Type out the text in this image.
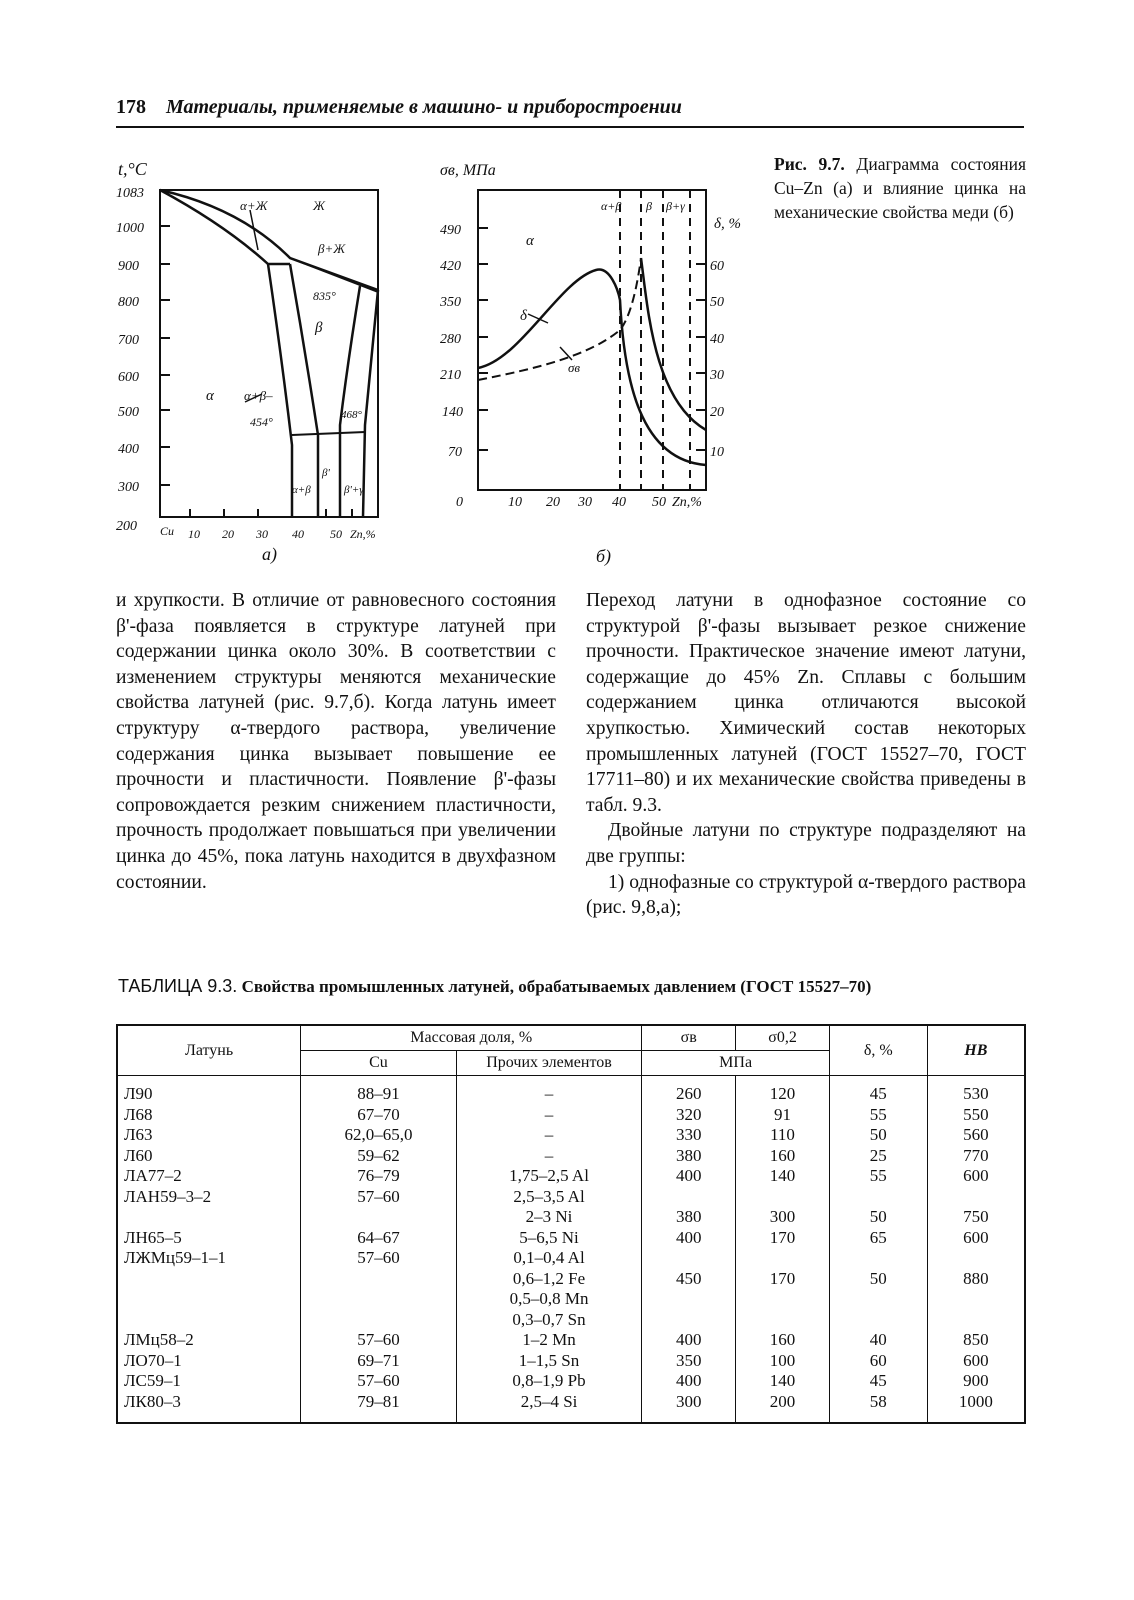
178 Материалы, применяемые в машино- и приборостроении
t,°C
1083
1000
900
800
700
600
500
400
300
200 Cu 10 20 30 40 50 Zn,%
α+Ж	Ж
β+Ж
835°
β
α α+β–
454°	468°
α+β
β'
β'+γ
а)
σв, МПа
490
420
350
280
210
140
70
0
δ, %
60
50
40
30
20
10
10 20 30 40 50 Zn,%
α
α+β β β+γ
δ
σв
б)
Рис. 9.7. Диаграмма состояния Cu–Zn (а) и влияние цинка на механические свойства меди (б)

и хрупкости. В отличие от равновесного состояния β'-фаза появляется в структуре латуней при содержании цинка около 30%. В соответствии с изменением структуры меняются механические свойства латуней (рис. 9.7,б). Когда латунь имеет структуру α-твердого раствора, увеличение содержания цинка вызывает повышение ее прочности и пластичности. Появление β'-фазы сопровождается резким снижением пластичности, прочность продолжает повышаться при увеличении цинка до 45%, пока латунь находится в двухфазном состоянии.

Переход латуни в однофазное состояние со структурой β'-фазы вызывает резкое снижение прочности. Практическое значение имеют латуни, содержащие до 45% Zn. Сплавы с большим содержанием цинка отличаются высокой хрупкостью. Химический состав некоторых промышленных латуней (ГОСТ 15527–70, ГОСТ 17711–80) и их механические свойства приведены в табл. 9.3.

Двойные латуни по структуре подразделяют на две группы:

1) однофазные со структурой α-твердого раствора (рис. 9,8,а);

ТАБЛИЦА 9.3. Свойства промышленных латуней, обрабатываемых давлением (ГОСТ 15527–70)
Латунь	Массовая доля, %		σв	σ0,2	δ, %	HB
	Cu	Прочих элементов	МПа			
Л90	88–91	–	260	120	45	530
Л68	67–70	–	320	91	55	550
Л63	62,0–65,0	–	330	110	50	560
Л60	59–62	–	380	160	25	770
ЛА77–2	76–79	1,75–2,5 Al	400	140	55	600
ЛАН59–3–2	57–60	2,5–3,5 Al				
		2–3 Ni	380	300	50	750
ЛН65–5	64–67	5–6,5 Ni	400	170	65	600
ЛЖМц59–1–1	57–60	0,1–0,4 Al				
		0,6–1,2 Fe	450	170	50	880
		0,5–0,8 Mn				
		0,3–0,7 Sn				
ЛМц58–2	57–60	1–2 Mn	400	160	40	850
ЛО70–1	69–71	1–1,5 Sn	350	100	60	600
ЛС59–1	57–60	0,8–1,9 Pb	400	140	45	900
ЛК80–3	79–81	2,5–4 Si	300	200	58	1000
